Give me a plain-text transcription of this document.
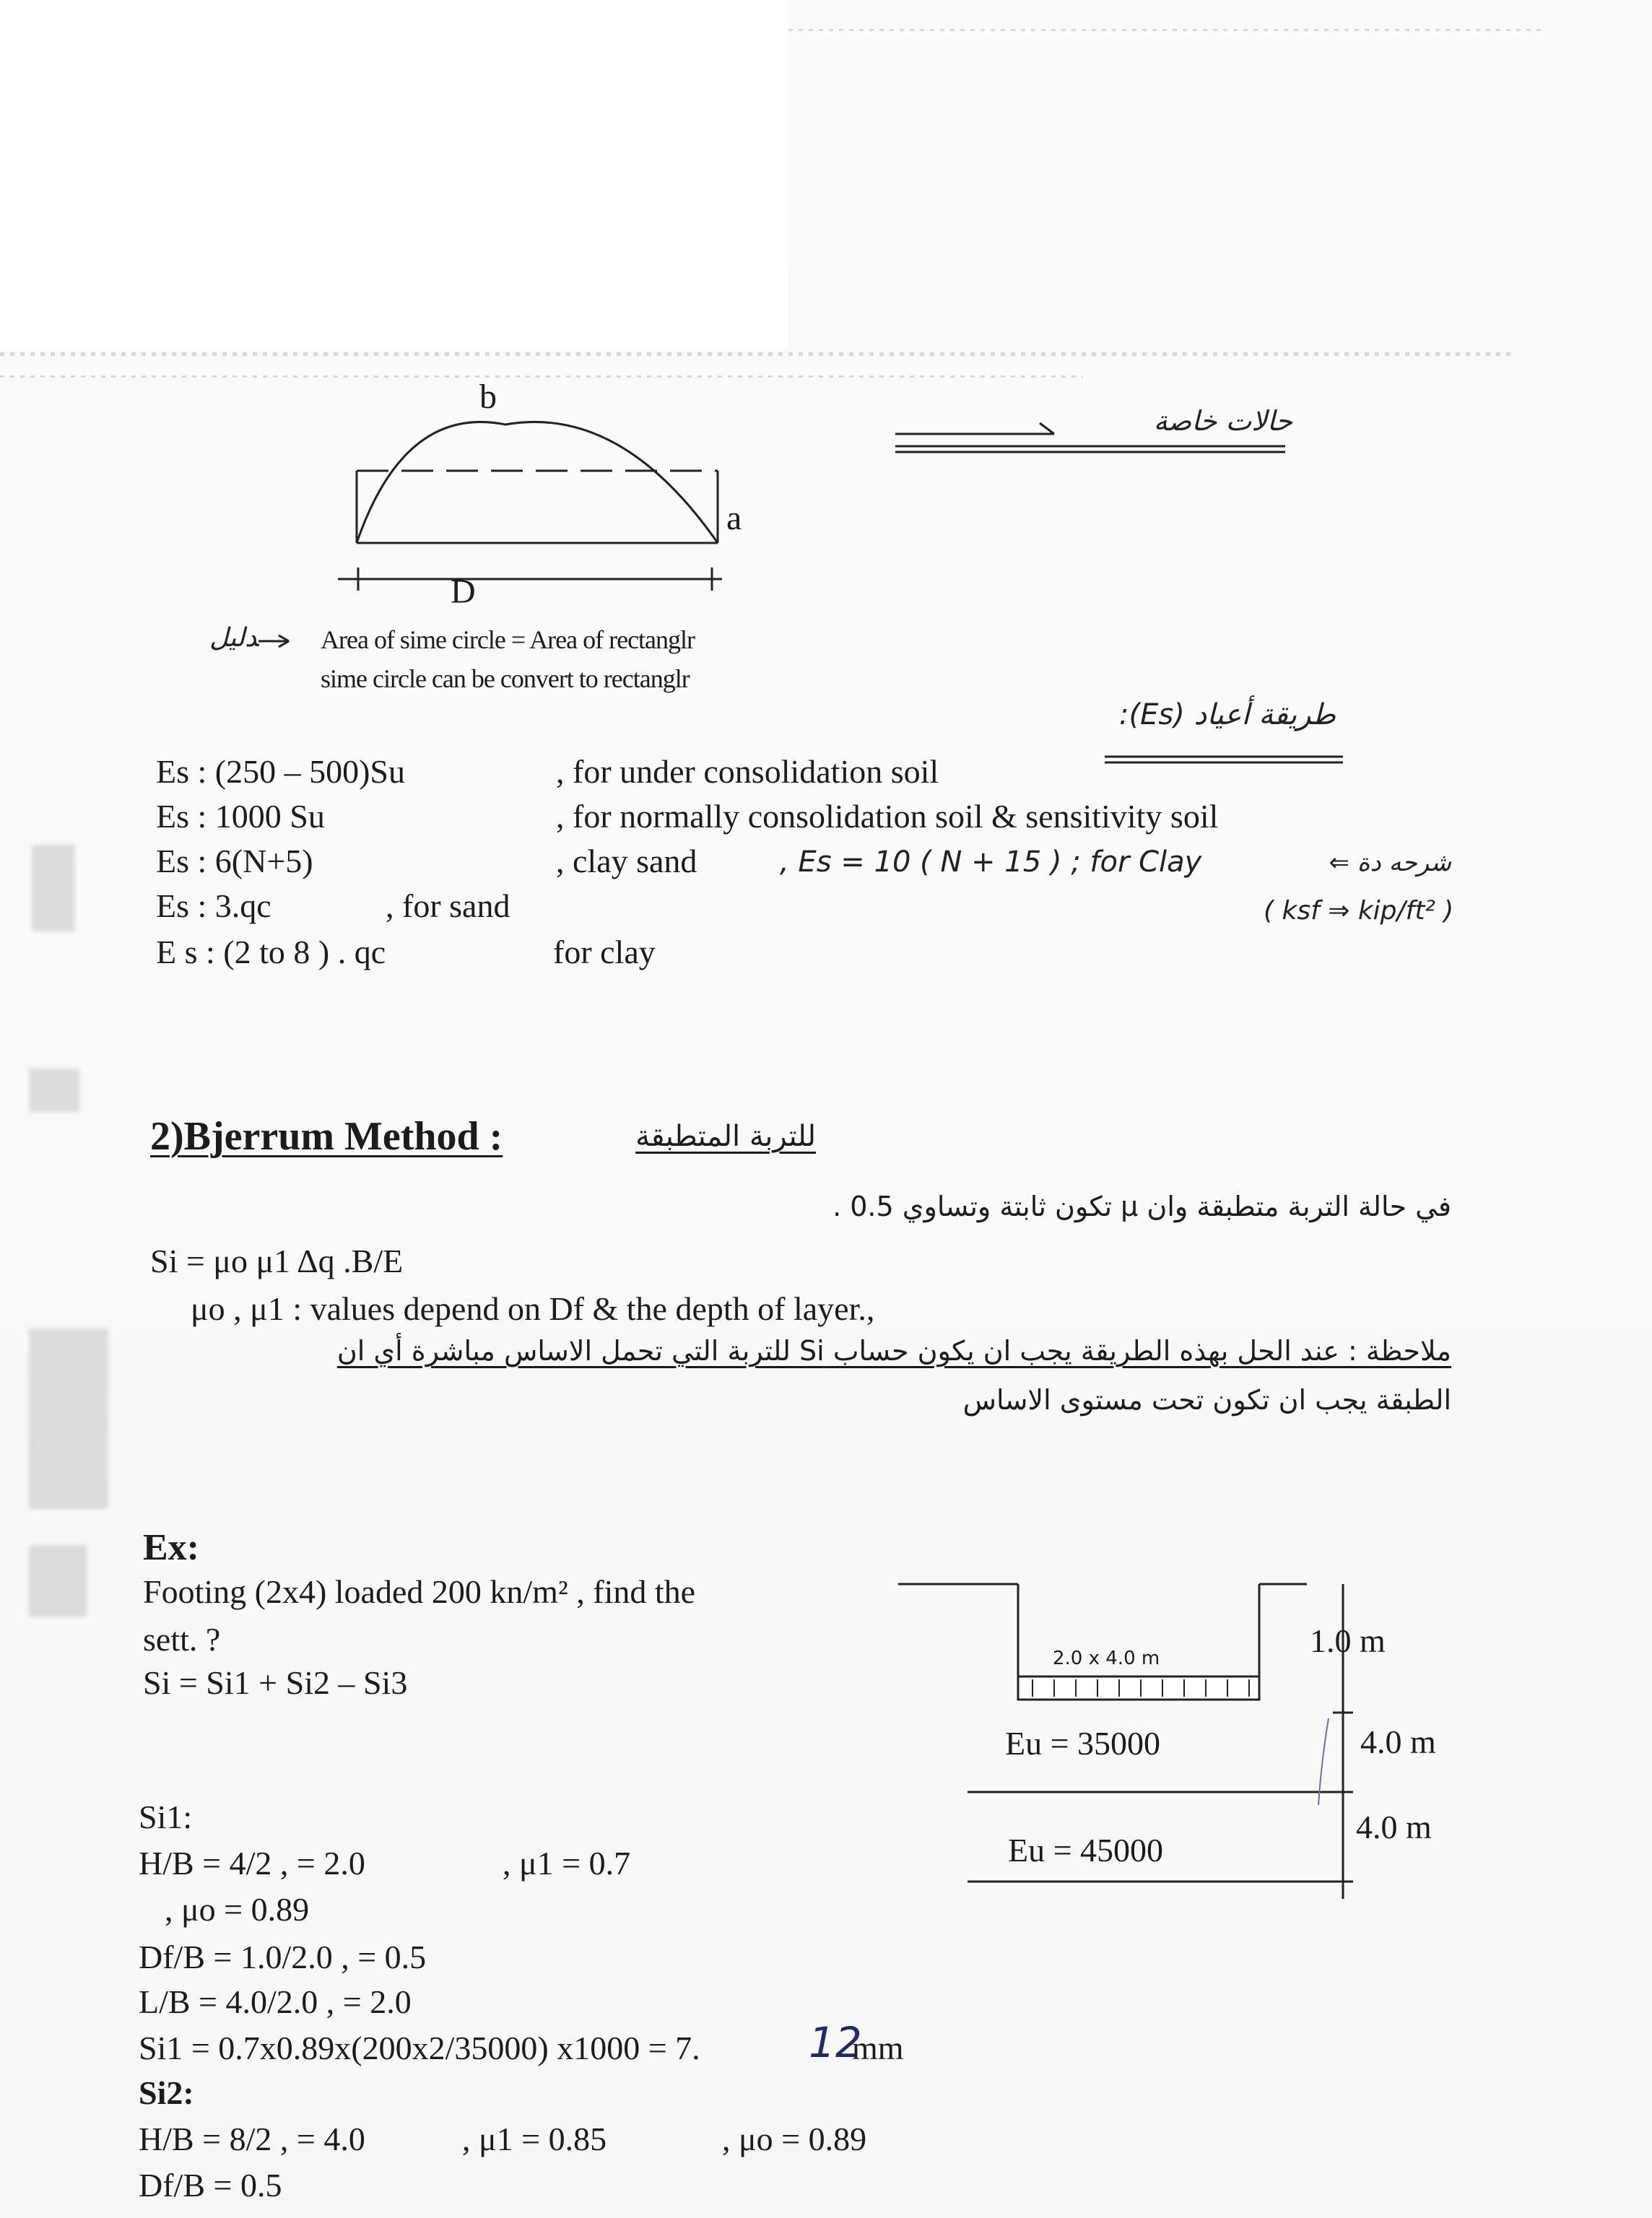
b
a
D
حالات خاصة
ﺪﻟﻴﻞ Area of sime circle = Area of rectanglr
sime circle can be convert to rectanglr
طريقة أعياد (Es):
Es : (250 – 500)Su	, for under consolidation soil
Es : 1000 Su	, for normally consolidation soil & sensitivity soil
Es : 6(N+5)	, clay sand
Es : 3.qc	, for sand
E s : (2 to 8 ) . qc	for clay
, Es = 10 ( N + 15 ) ; for Clay	شرحه دة ⇐
( ksf ⇒ kip/ft² )
2)Bjerrum Method :	للتربة المتطبقة
في حالة التربة متطبقة وان μ تكون ثابتة وتساوي 0.5 .
Si = μo μ1 Δq .B/E
μo , μ1 : values depend on Df & the depth of layer.,
ملاحظة : عند الحل بهذه الطريقة يجب ان يكون حساب Si للتربة التي تحمل الاساس مباشرة أي ان
الطبقة يجب ان تكون تحت مستوى الاساس
Ex:
Footing (2x4) loaded 200 kn/m² , find the
sett. ?
Si = Si1 + Si2 – Si3
Si1:
H/B = 4/2 , = 2.0	, μ1 = 0.7
, μo = 0.89
Df/B = 1.0/2.0 , = 0.5
L/B = 4.0/2.0 , = 2.0
Si1 = 0.7x0.89x(200x2/35000) x1000 = 7.	12
mm
Si2:
H/B = 8/2 , = 4.0	, μ1 = 0.85	, μo = 0.89
Df/B = 0.5
2.0 x 4.0 m	1.0 m
Eu = 35000	4.0 m
Eu = 45000
4.0 m
